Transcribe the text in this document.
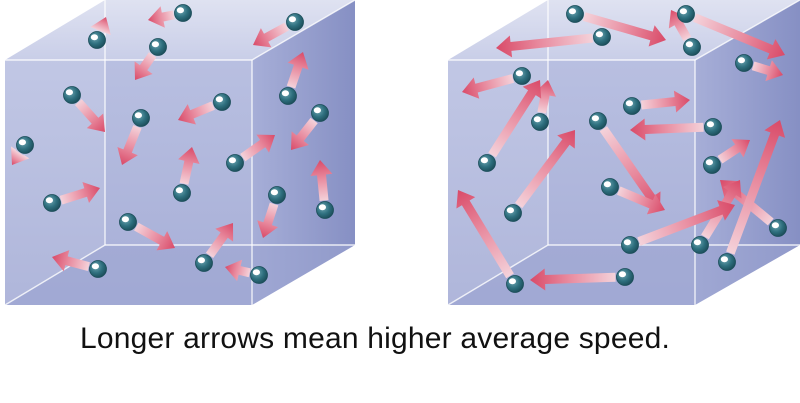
Longer arrows mean higher average speed.
